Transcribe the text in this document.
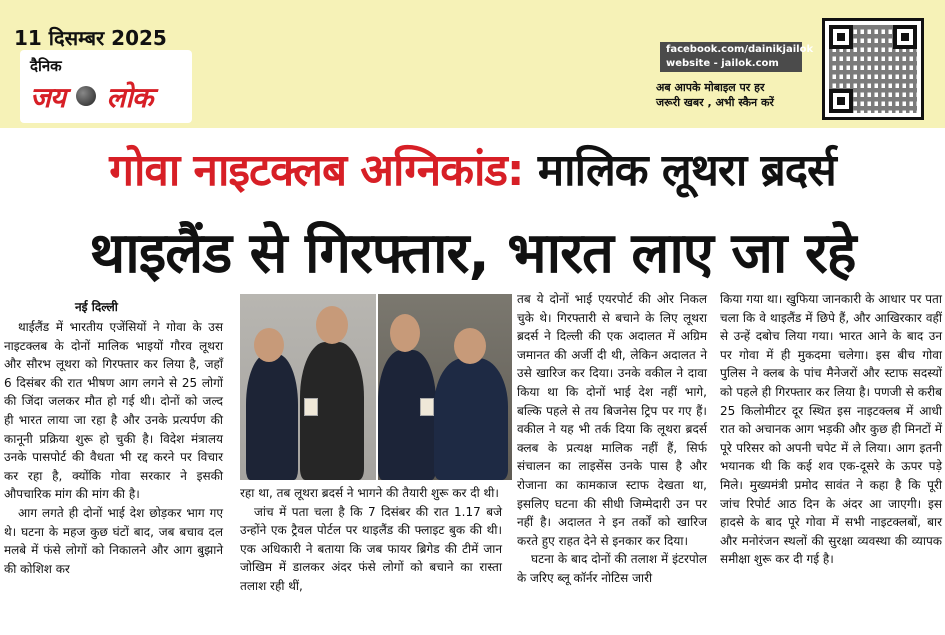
11 दिसम्बर 2025
दैनिक
जय लोक
facebook.com/dainikjailok
website - jailok.com
अब आपके मोबाइल पर हर
जरूरी खबर , अभी स्कैन करें
गोवा नाइटक्लब अग्निकांड: मालिक लूथरा ब्रदर्स
थाइलैंड से गिरफ्तार, भारत लाए जा रहे
नई दिल्ली

थाईलैंड में भारतीय एजेंसियों ने गोवा के उस नाइटक्लब के दोनों मालिक भाइयों गौरव लूथरा और सौरभ लूथरा को गिरफ्तार कर लिया है, जहाँ 6 दिसंबर की रात भीषण आग लगने से 25 लोगों की जिंदा जलकर मौत हो गई थी। दोनों को जल्द ही भारत लाया जा रहा है और उनके प्रत्यर्पण की कानूनी प्रक्रिया शुरू हो चुकी है। विदेश मंत्रालय उनके पासपोर्ट की वैधता भी रद्द करने पर विचार कर रहा है, क्योंकि गोवा सरकार ने इसकी औपचारिक मांग की मांग की है।

आग लगते ही दोनों भाई देश छोड़कर भाग गए थे। घटना के महज कुछ घंटों बाद, जब बचाव दल मलबे में फंसे लोगों को निकालने और आग बुझाने की कोशिश कर

रहा था, तब लूथरा ब्रदर्स ने भागने की तैयारी शुरू कर दी थी।

जांच में पता चला है कि 7 दिसंबर की रात 1.17 बजे उन्होंने एक ट्रैवल पोर्टल पर थाइलैंड की फ्लाइट बुक की थी। एक अधिकारी ने बताया कि जब फायर ब्रिगेड की टीमें जान जोखिम में डालकर अंदर फंसे लोगों को बचाने का रास्ता तलाश रही थीं,

तब ये दोनों भाई एयरपोर्ट की ओर निकल चुके थे। गिरफ्तारी से बचाने के लिए लूथरा ब्रदर्स ने दिल्ली की एक अदालत में अग्रिम जमानत की अर्जी दी थी, लेकिन अदालत ने उसे खारिज कर दिया। उनके वकील ने दावा किया था कि दोनों भाई देश नहीं भागे, बल्कि पहले से तय बिजनेस ट्रिप पर गए हैं। वकील ने यह भी तर्क दिया कि लूथरा ब्रदर्स क्लब के प्रत्यक्ष मालिक नहीं हैं, सिर्फ संचालन का लाइसेंस उनके पास है और रोजाना का कामकाज स्टाफ देखता था, इसलिए घटना की सीधी जिम्मेदारी उन पर नहीं है। अदालत ने इन तर्कों को खारिज करते हुए राहत देने से इनकार कर दिया।

घटना के बाद दोनों की तलाश में इंटरपोल के जरिए ब्लू कॉर्नर नोटिस जारी

किया गया था। खुफिया जानकारी के आधार पर पता चला कि वे थाइलैंड में छिपे हैं, और आखिरकार वहीं से उन्हें दबोच लिया गया। भारत आने के बाद उन पर गोवा में ही मुकदमा चलेगा। इस बीच गोवा पुलिस ने क्लब के पांच मैनेजरों और स्टाफ सदस्यों को पहले ही गिरफ्तार कर लिया है। पणजी से करीब 25 किलोमीटर दूर स्थित इस नाइटक्लब में आधी रात को अचानक आग भड़की और कुछ ही मिनटों में पूरे परिसर को अपनी चपेट में ले लिया। आग इतनी भयानक थी कि कई शव एक-दूसरे के ऊपर पड़े मिले। मुख्यमंत्री प्रमोद सावंत ने कहा है कि पूरी जांच रिपोर्ट आठ दिन के अंदर आ जाएगी। इस हादसे के बाद पूरे गोवा में सभी नाइटक्लबों, बार और मनोरंजन स्थलों की सुरक्षा व्यवस्था की व्यापक समीक्षा शुरू कर दी गई है।
